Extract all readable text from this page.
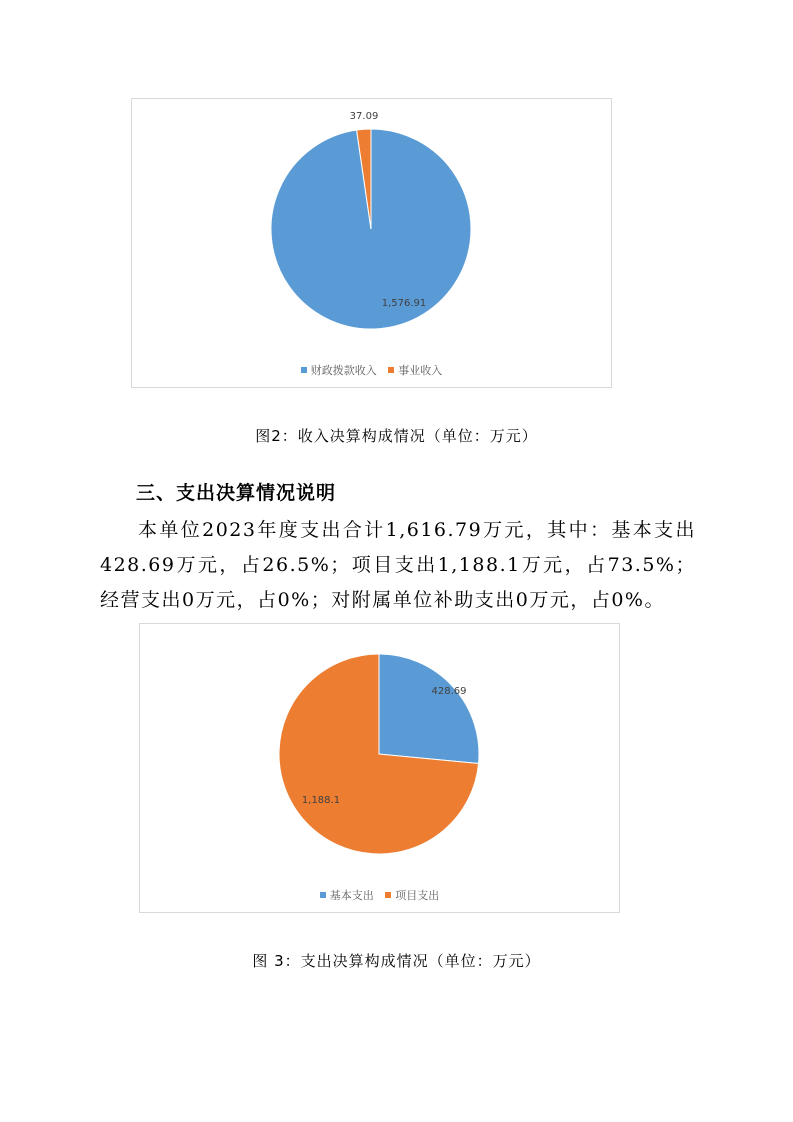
1,576.91
37.09
财政拨款收入 事业收入
图2：收入决算构成情况（单位：万元）
三、支出决算情况说明
本单位2023年度支出合计1,616.79万元，其中：基本支出428.69万元，占26.5%；项目支出1,188.1万元，占73.5%；经营支出0万元，占0%；对附属单位补助支出0万元，占0%。
428.69
1,188.1
基本支出 项目支出
图 3：支出决算构成情况（单位：万元）
